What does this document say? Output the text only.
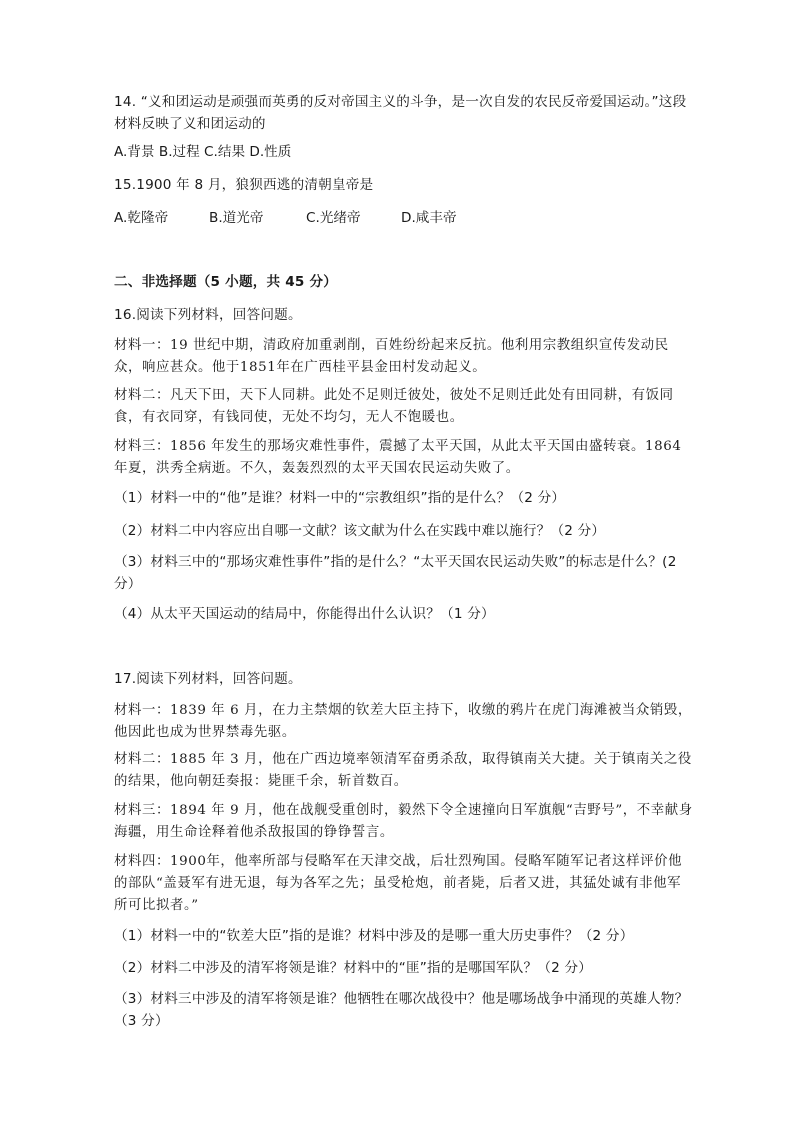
14. “义和团运动是顽强而英勇的反对帝国主义的斗争，是一次自发的农民反帝爱国运动。”这段材料反映了义和团运动的
A.背景 B.过程 C.结果 D.性质
15.1900 年 8 月，狼狈西逃的清朝皇帝是
A.乾隆帝	B.道光帝	C.光绪帝	D.咸丰帝
二、非选择题（5 小题，共 45 分）
16.阅读下列材料，回答问题。
材料一：19 世纪中期，清政府加重剥削，百姓纷纷起来反抗。他利用宗教组织宣传发动民众，响应甚众。他于1851年在广西桂平县金田村发动起义。
材料二：凡天下田，天下人同耕。此处不足则迁彼处，彼处不足则迁此处有田同耕，有饭同食，有衣同穿，有钱同使，无处不均匀，无人不饱暖也。
材料三：1856 年发生的那场灾难性事件，震撼了太平天国，从此太平天国由盛转衰。1864年夏，洪秀全病逝。不久，轰轰烈烈的太平天国农民运动失败了。
（1）材料一中的“他”是谁？材料一中的“宗教组织”指的是什么？（2 分）
（2）材料二中内容应出自哪一文献？该文献为什么在实践中难以施行？（2 分）
（3）材料三中的“那场灾难性事件”指的是什么？“太平天国农民运动失败”的标志是什么？(2 分）
（4）从太平天国运动的结局中，你能得出什么认识？（1 分）
17.阅读下列材料，回答问题。
材料一：1839 年 6 月，在力主禁烟的钦差大臣主持下，收缴的鸦片在虎门海滩被当众销毁，他因此也成为世界禁毒先驱。
材料二：1885 年 3 月，他在广西边境率领清军奋勇杀敌，取得镇南关大捷。关于镇南关之役的结果，他向朝廷奏报：毙匪千余，斩首数百。
材料三：1894 年 9 月，他在战舰受重创时，毅然下令全速撞向日军旗舰“吉野号”，不幸献身海疆，用生命诠释着他杀敌报国的铮铮誓言。
材料四：1900年，他率所部与侵略军在天津交战，后壮烈殉国。侵略军随军记者这样评价他的部队“盖聂军有进无退，每为各军之先；虽受枪炮，前者毙，后者又进，其猛处诚有非他军所可比拟者。”
（1）材料一中的“钦差大臣”指的是谁？材料中涉及的是哪一重大历史事件？（2 分）
（2）材料二中涉及的清军将领是谁？材料中的“匪”指的是哪国军队？（2 分）
（3）材料三中涉及的清军将领是谁？他牺牲在哪次战役中？他是哪场战争中涌现的英雄人物？（3 分）
